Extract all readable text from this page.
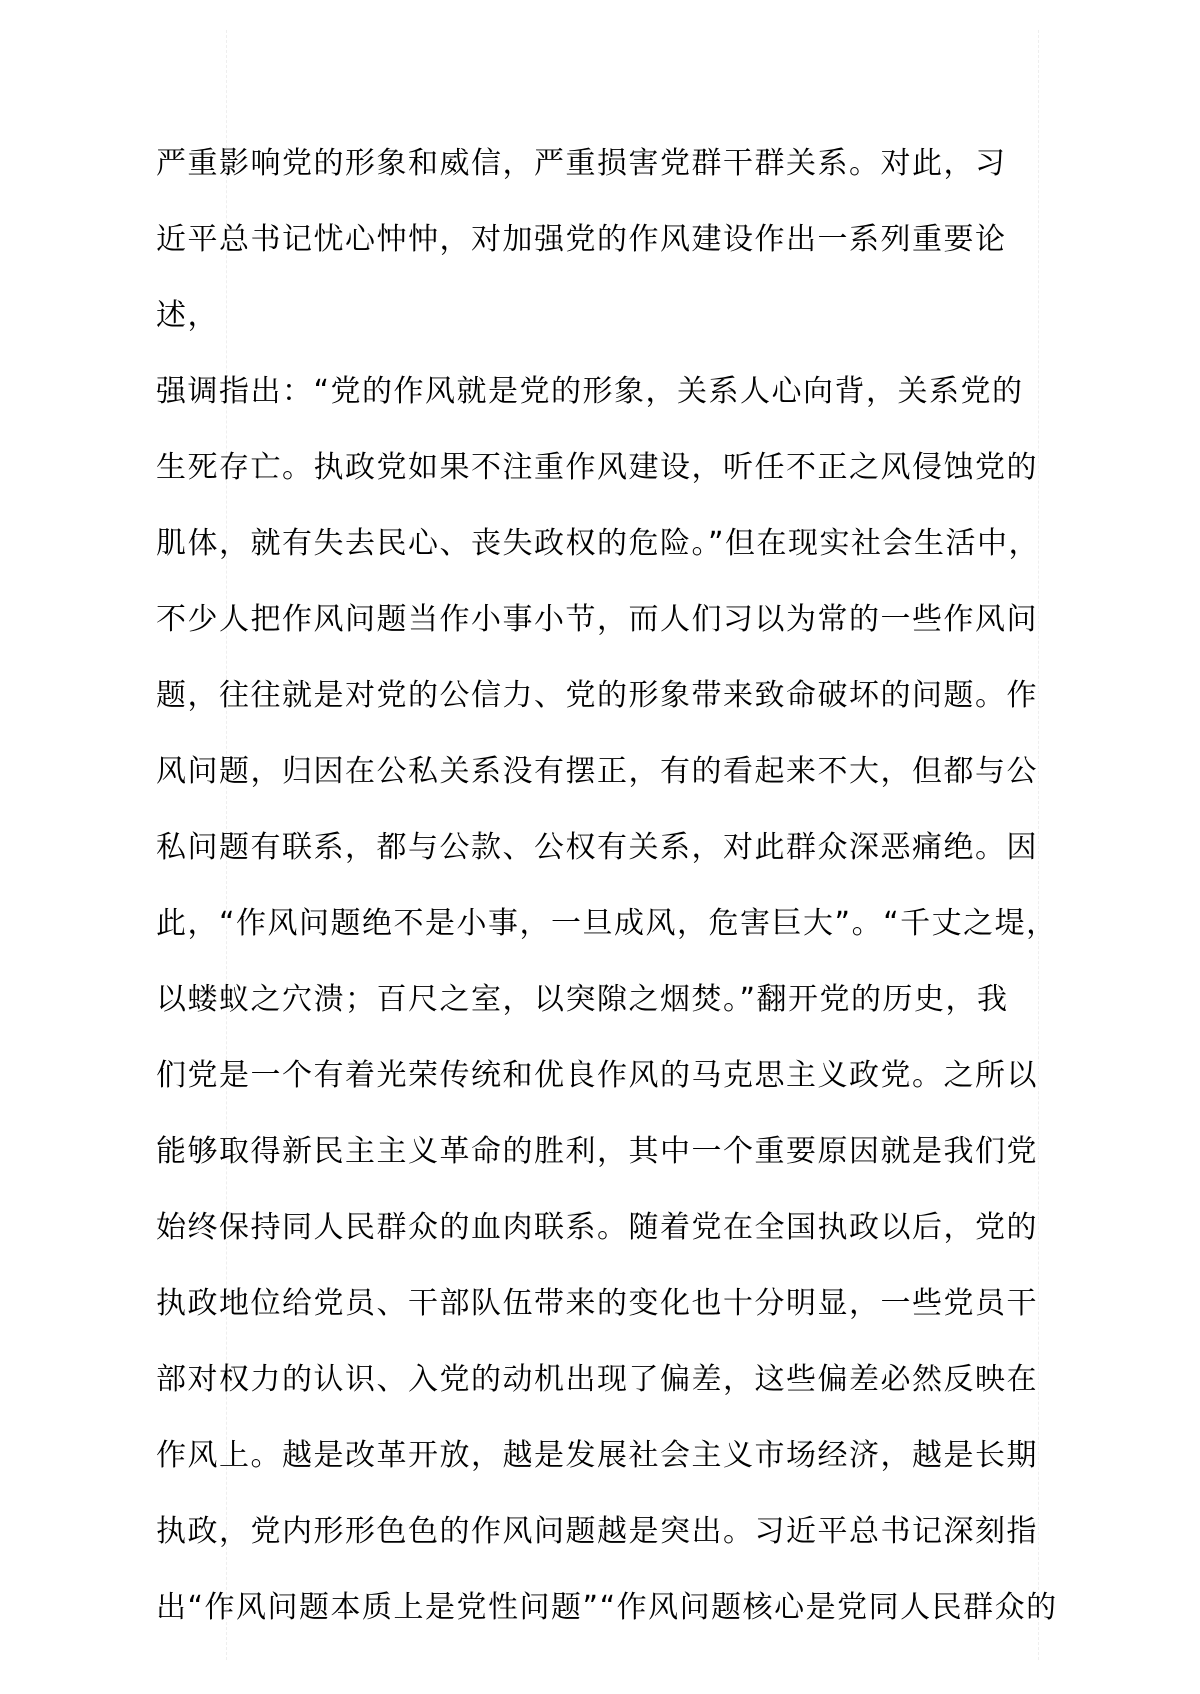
严重影响党的形象和威信，严重损害党群干群关系。对此，习
近平总书记忧心忡忡，对加强党的作风建设作出一系列重要论
述，
强调指出：“党的作风就是党的形象，关系人心向背，关系党的
生死存亡。执政党如果不注重作风建设，听任不正之风侵蚀党的
肌体，就有失去民心、丧失政权的危险。”但在现实社会生活中，
不少人把作风问题当作小事小节，而人们习以为常的一些作风问
题，往往就是对党的公信力、党的形象带来致命破坏的问题。作
风问题，归因在公私关系没有摆正，有的看起来不大，但都与公
私问题有联系，都与公款、公权有关系，对此群众深恶痛绝。因
此，“作风问题绝不是小事，一旦成风，危害巨大”。“千丈之堤，
以蝼蚁之穴溃；百尺之室，以突隙之烟焚。”翻开党的历史，我
们党是一个有着光荣传统和优良作风的马克思主义政党。之所以
能够取得新民主主义革命的胜利，其中一个重要原因就是我们党
始终保持同人民群众的血肉联系。随着党在全国执政以后，党的
执政地位给党员、干部队伍带来的变化也十分明显，一些党员干
部对权力的认识、入党的动机出现了偏差，这些偏差必然反映在
作风上。越是改革开放，越是发展社会主义市场经济，越是长期
执政，党内形形色色的作风问题越是突出。习近平总书记深刻指
出“作风问题本质上是党性问题”“作风问题核心是党同人民群众的
